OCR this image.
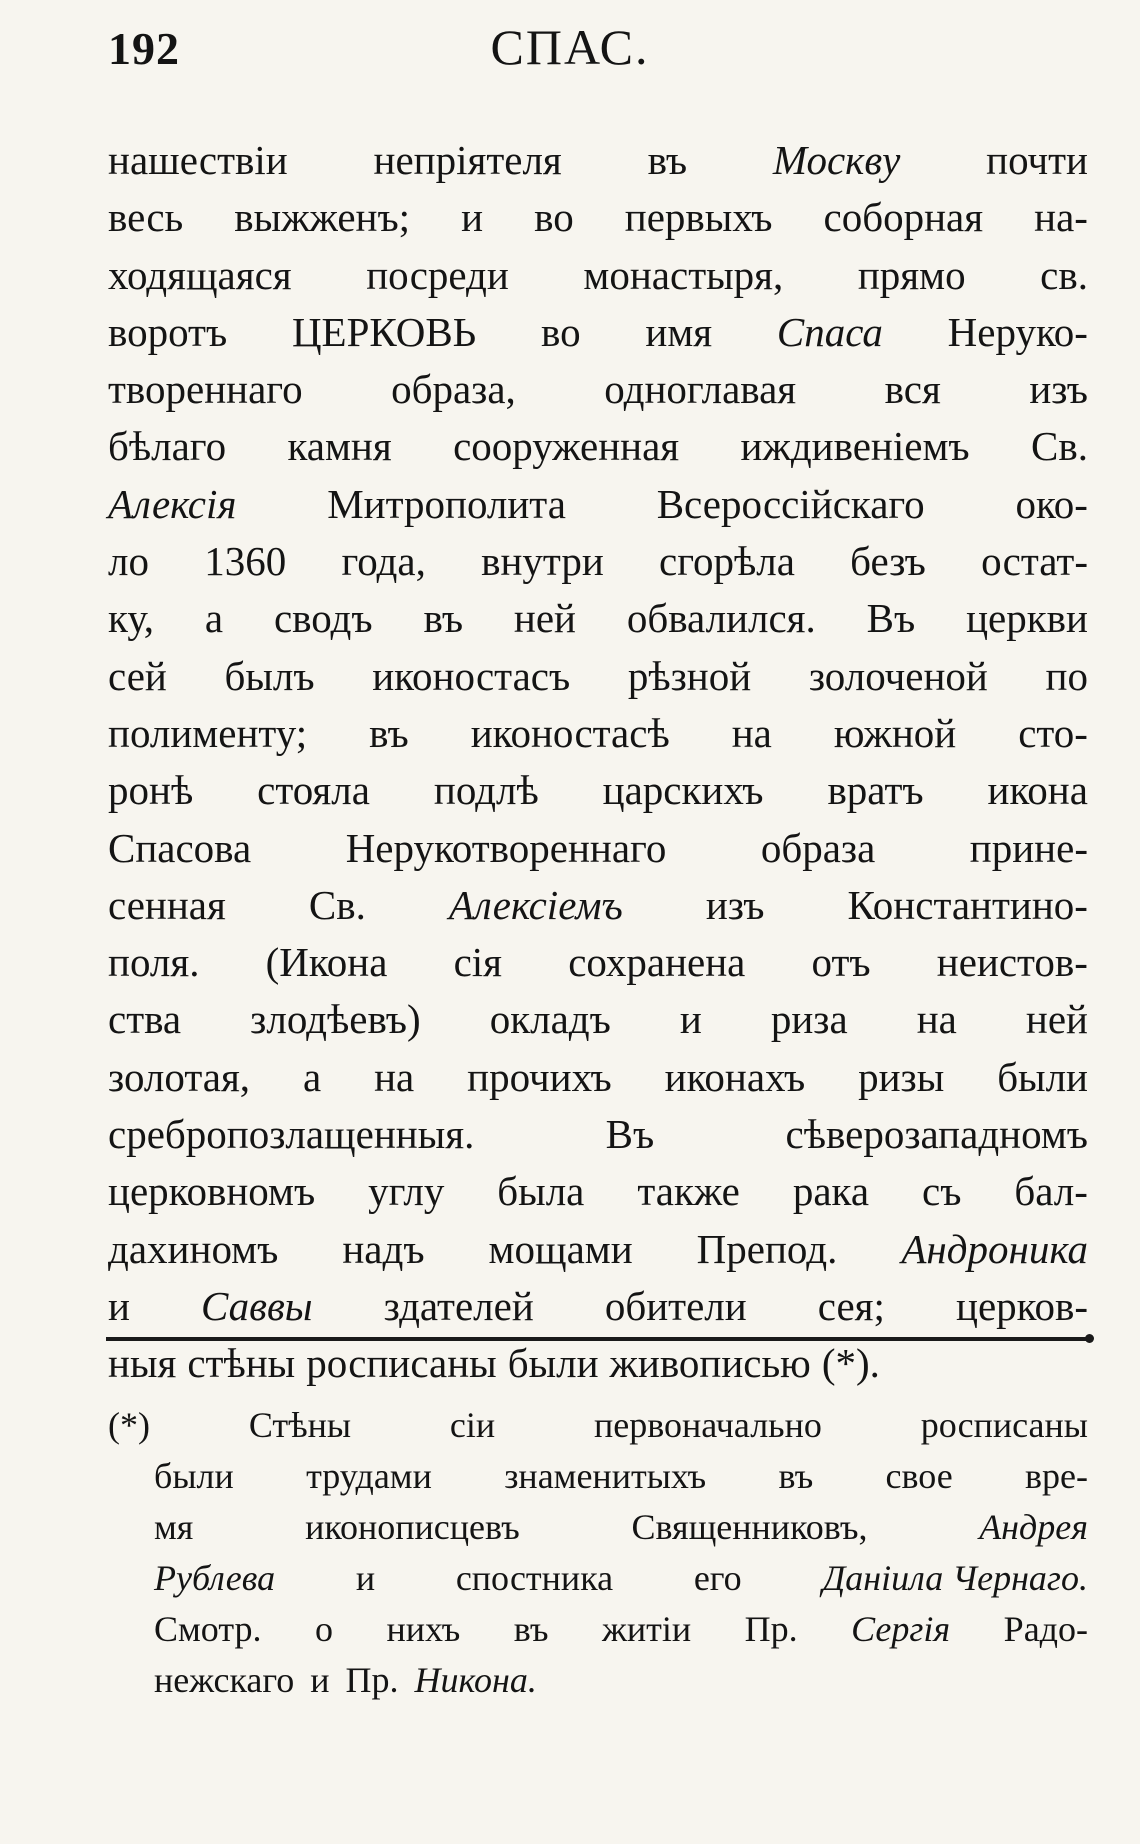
192	СПАС.
нашествіи непріятеля въ Москву почти
весь выжженъ; и во первыхъ соборная на-
ходящаяся посреди монастыря, прямо св.
воротъ ЦЕРКОВЬ во имя Спаса Неруко-
твореннаго образа, одноглавая вся изъ
бѣлаго камня сооруженная иждивеніемъ Св.
Алексія Митрополита Всероссійскаго око-
ло 1360 года, внутри сгорѣла безъ остат-
ку, а сводъ въ ней обвалился. Въ церкви
сей былъ иконостасъ рѣзной золоченой по
полименту; въ иконостасѣ на южной сто-
ронѣ стояла подлѣ царскихъ вратъ икона
Спасова Нерукотвореннаго образа прине-
сенная Св. Алексіемъ изъ Константино-
поля. (Икона сія сохранена отъ неистов-
ства злодѣевъ) окладъ и риза на ней
золотая, а на прочихъ иконахъ ризы были
сребропозлащенныя.	Въ	сѣверозападномъ
церковномъ углу была также рака съ бал-
дахиномъ надъ мощами Препод. Андроника
и Саввы здателей обители сея; церков-
ныя стѣны росписаны были живописью (*).
(*)	Стѣны	сіи	первоначально	росписаны
были трудами знаменитыхъ въ свое вре-
мя	иконописцевъ	Священниковъ,	Андрея
Рублева и спостника его Даніила Чернаго.
Смотр. о нихъ въ житіи Пр. Сергія Радо-
нежскаго и Пр. Никона.
